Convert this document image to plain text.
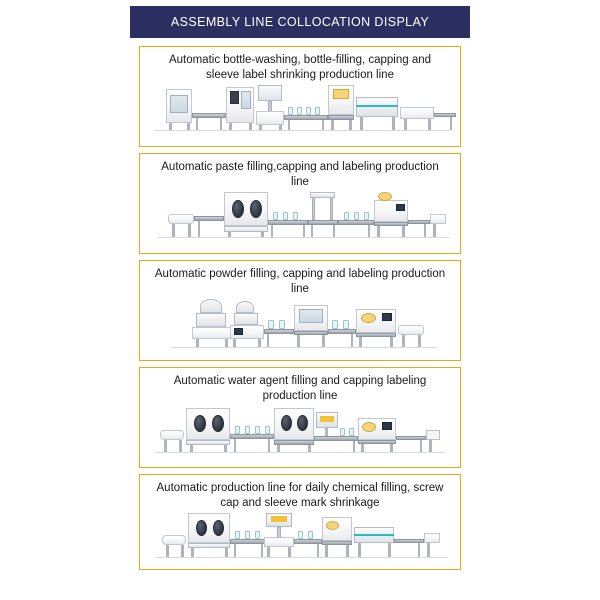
ASSEMBLY LINE COLLOCATION DISPLAY
Automatic bottle-washing, bottle-filling, capping and sleeve label shrinking production line
Automatic paste filling,capping and labeling production line
Automatic powder filling, capping and labeling production line
Automatic water agent filling and capping labeling production line
Automatic production line for daily chemical filling, screw cap and sleeve mark shrinkage
